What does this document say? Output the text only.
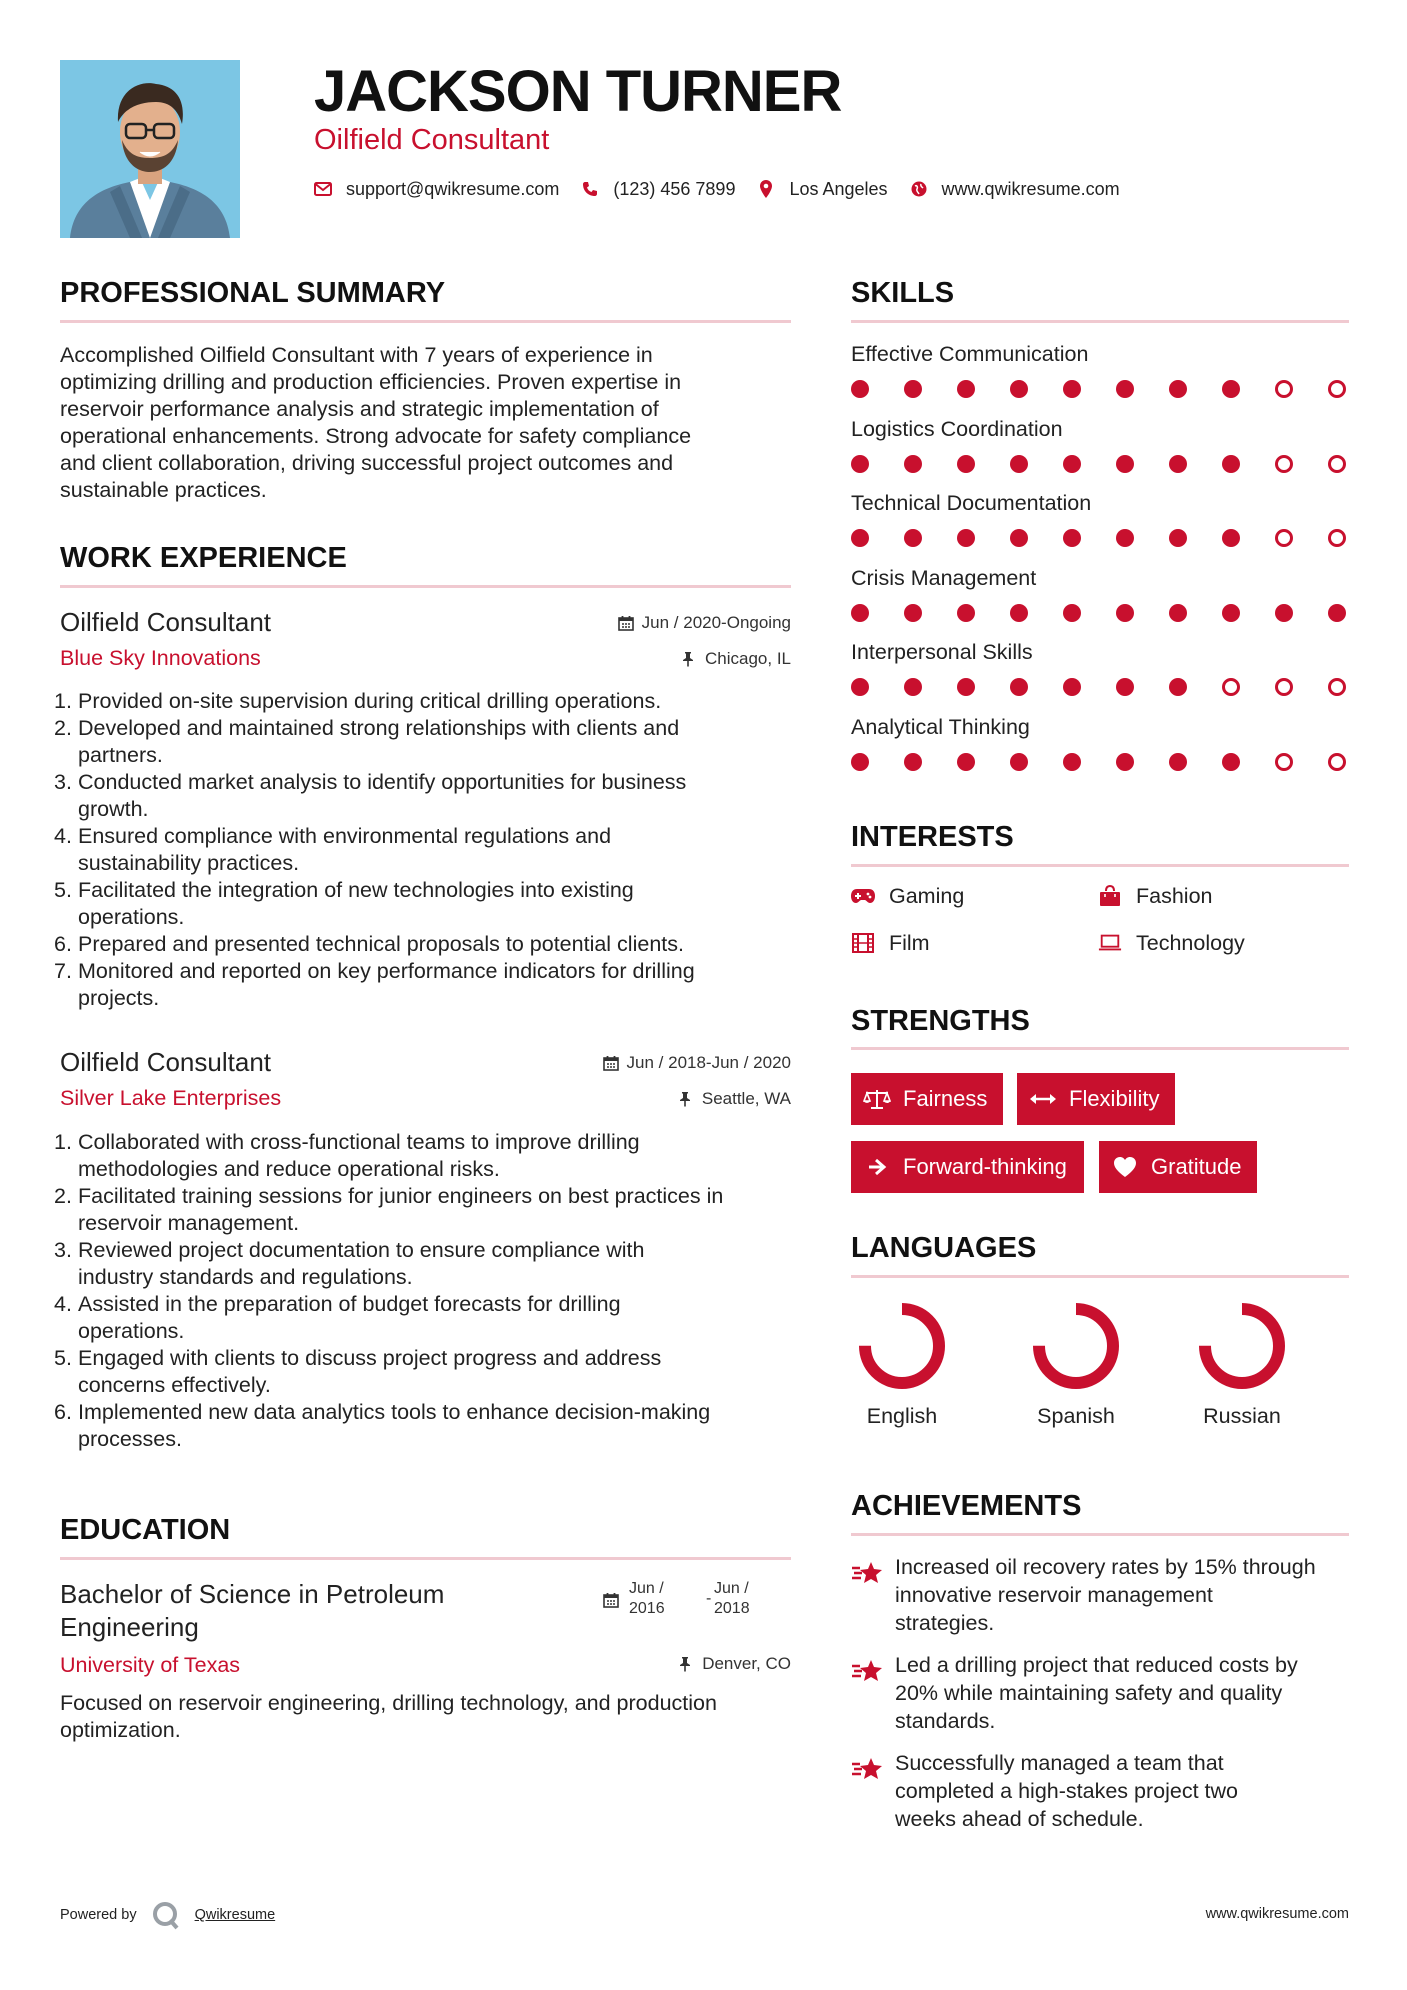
JACKSON TURNER
Oilfield Consultant
support@qwikresume.com	(123) 456 7899	Los Angeles	www.qwikresume.com
PROFESSIONAL SUMMARY
Accomplished Oilfield Consultant with 7 years of experience in
optimizing drilling and production efficiencies. Proven expertise in
reservoir performance analysis and strategic implementation of
operational enhancements. Strong advocate for safety compliance
and client collaboration, driving successful project outcomes and
sustainable practices.
WORK EXPERIENCE
Oilfield Consultant
Blue Sky Innovations
Jun / 2020-Ongoing
Chicago, IL
1. Provided on-site supervision during critical drilling operations.
2. Developed and maintained strong relationships with clients and
partners.
3. Conducted market analysis to identify opportunities for business
growth.
4. Ensured compliance with environmental regulations and
sustainability practices.
5. Facilitated the integration of new technologies into existing
operations.
6. Prepared and presented technical proposals to potential clients.
7. Monitored and reported on key performance indicators for drilling
projects.
Oilfield Consultant
Silver Lake Enterprises
Jun / 2018-Jun / 2020
Seattle, WA
1. Collaborated with cross-functional teams to improve drilling
methodologies and reduce operational risks.
2. Facilitated training sessions for junior engineers on best practices in
reservoir management.
3. Reviewed project documentation to ensure compliance with
industry standards and regulations.
4. Assisted in the preparation of budget forecasts for drilling
operations.
5. Engaged with clients to discuss project progress and address
concerns effectively.
6. Implemented new data analytics tools to enhance decision-making
processes.
EDUCATION
Bachelor of Science in Petroleum
Engineering
Jun /
2016
-
Jun /
2018
University of Texas	Denver, CO
Focused on reservoir engineering, drilling technology, and production
optimization.
SKILLS
Effective Communication
Logistics Coordination
Technical Documentation
Crisis Management
Interpersonal Skills
Analytical Thinking
INTERESTS
Gaming	Fashion
Film	Technology
STRENGTHS
Fairness	Flexibility
Forward-thinking	Gratitude
LANGUAGES
English	Spanish	Russian
ACHIEVEMENTS
Increased oil recovery rates by 15% through
innovative reservoir management
strategies.
Led a drilling project that reduced costs by
20% while maintaining safety and quality
standards.
Successfully managed a team that
completed a high-stakes project two
weeks ahead of schedule.
Powered by	Qwikresume	www.qwikresume.com
